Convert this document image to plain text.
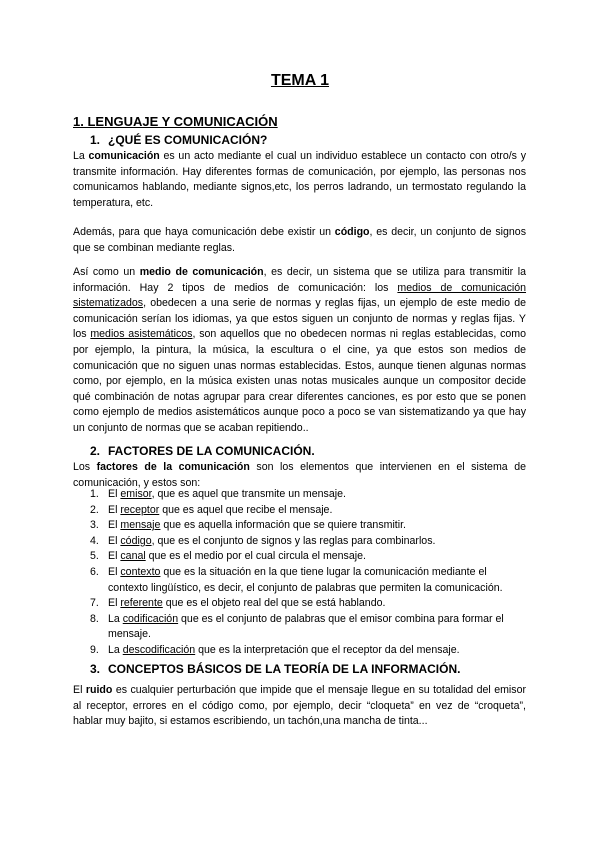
TEMA 1
1. LENGUAJE Y COMUNICACIÓN
1. ¿QUÉ ES COMUNICACIÓN?

La comunicación es un acto mediante el cual un individuo establece un contacto con otro/s y transmite información. Hay diferentes formas de comunicación, por ejemplo, las personas nos comunicamos hablando, mediante signos,etc, los perros ladrando, un termostato regulando la temperatura, etc.

Además, para que haya comunicación debe existir un código, es decir, un conjunto de signos que se combinan mediante reglas.

Así como un medio de comunicación, es decir, un sistema que se utiliza para transmitir la información. Hay 2 tipos de medios de comunicación: los medios de comunicación sistematizados, obedecen a una serie de normas y reglas fijas, un ejemplo de este medio de comunicación serían los idiomas, ya que estos siguen un conjunto de normas y reglas fijas. Y los medios asistemáticos, son aquellos que no obedecen normas ni reglas establecidas, como por ejemplo, la pintura, la música, la escultura o el cine, ya que estos son medios de comunicación que no siguen unas normas establecidas. Estos, aunque tienen algunas normas como, por ejemplo, en la música existen unas notas musicales aunque un compositor decide qué combinación de notas agrupar para crear diferentes canciones, es por esto que se ponen como ejemplo de medios asistemáticos aunque poco a poco se van sistematizando ya que hay un conjunto de normas que se acaban repitiendo..

2. FACTORES DE LA COMUNICACIÓN.

Los factores de la comunicación son los elementos que intervienen en el sistema de comunicación, y estos son:

1. El emisor, que es aquel que transmite un mensaje.
2. El receptor que es aquel que recibe el mensaje.
3. El mensaje que es aquella información que se quiere transmitir.
4. El código, que es el conjunto de signos y las reglas para combinarlos.
5. El canal que es el medio por el cual circula el mensaje.
6. El contexto que es la situación en la que tiene lugar la comunicación mediante el contexto lingüístico, es decir, el conjunto de palabras que permiten la comunicación.
7. El referente que es el objeto real del que se está hablando.
8. La codificación que es el conjunto de palabras que el emisor combina para formar el mensaje.
9. La descodificación que es la interpretación que el receptor da del mensaje.
3. CONCEPTOS BÁSICOS DE LA TEORÍA DE LA INFORMACIÓN.

El ruido es cualquier perturbación que impide que el mensaje llegue en su totalidad del emisor al receptor, errores en el código como, por ejemplo, decir “cloqueta” en vez de “croqueta”, hablar muy bajito, si estamos escribiendo, un tachón,una mancha de tinta...
